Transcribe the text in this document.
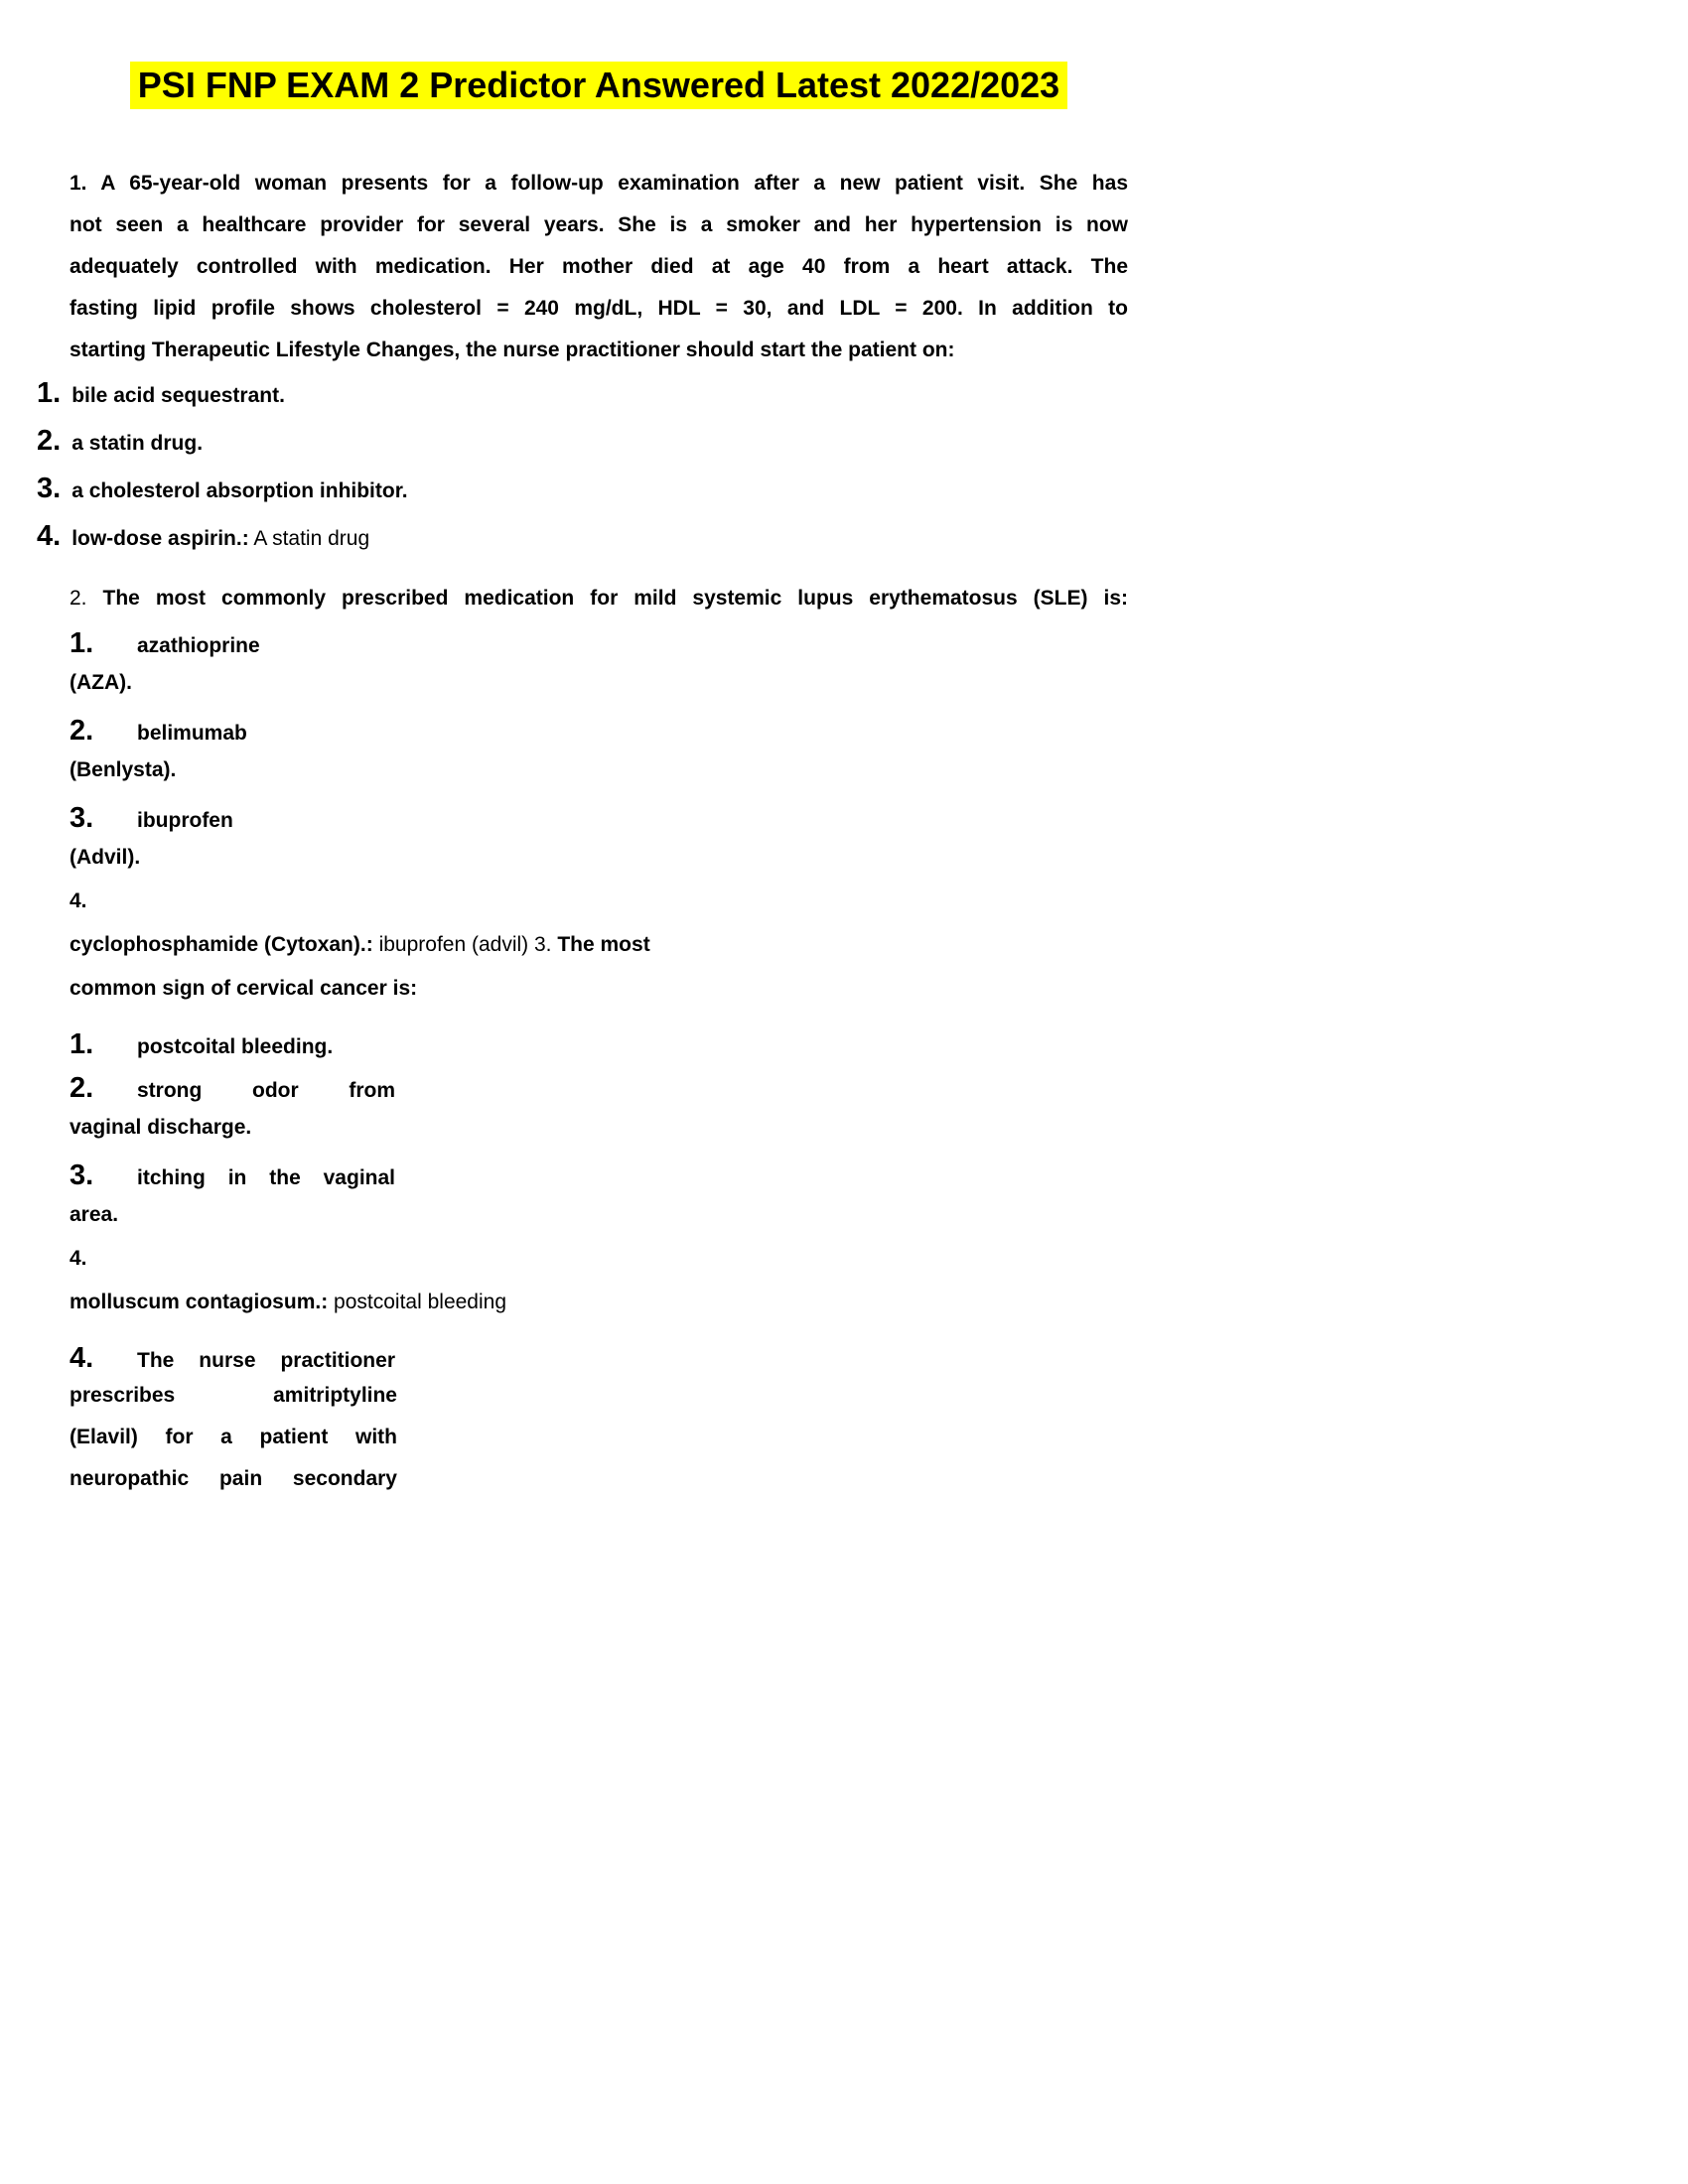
PSI FNP EXAM 2 Predictor Answered Latest 2022/2023
1. A 65-year-old woman presents for a follow-up examination after a new patient visit. She has
not seen a healthcare provider for several years. She is a smoker and her hypertension is now
adequately controlled with medication. Her mother died at age 40 from a heart attack. The
fasting lipid profile shows cholesterol = 240 mg/dL, HDL = 30, and LDL = 200. In addition to
starting Therapeutic Lifestyle Changes, the nurse practitioner should start the patient on:
1. bile acid sequestrant.
2. a statin drug.
3. a cholesterol absorption inhibitor.
4. low-dose aspirin.: A statin drug
2. The most commonly prescribed medication for mild systemic lupus erythematosus (SLE) is:
1.	azathioprine
(AZA).
2.	belimumab
(Benlysta).
3.	ibuprofen
(Advil).
4.
cyclophosphamide (Cytoxan).: ibuprofen (advil) 3. The most
common sign of cervical cancer is:
1.	postcoital bleeding.
2.	strong odor from
vaginal discharge.
3.	itching in the vaginal
area.
4.
molluscum contagiosum.: postcoital bleeding
4.	The nurse practitioner
prescribes amitriptyline
(Elavil) for a patient with
neuropathic pain secondary
